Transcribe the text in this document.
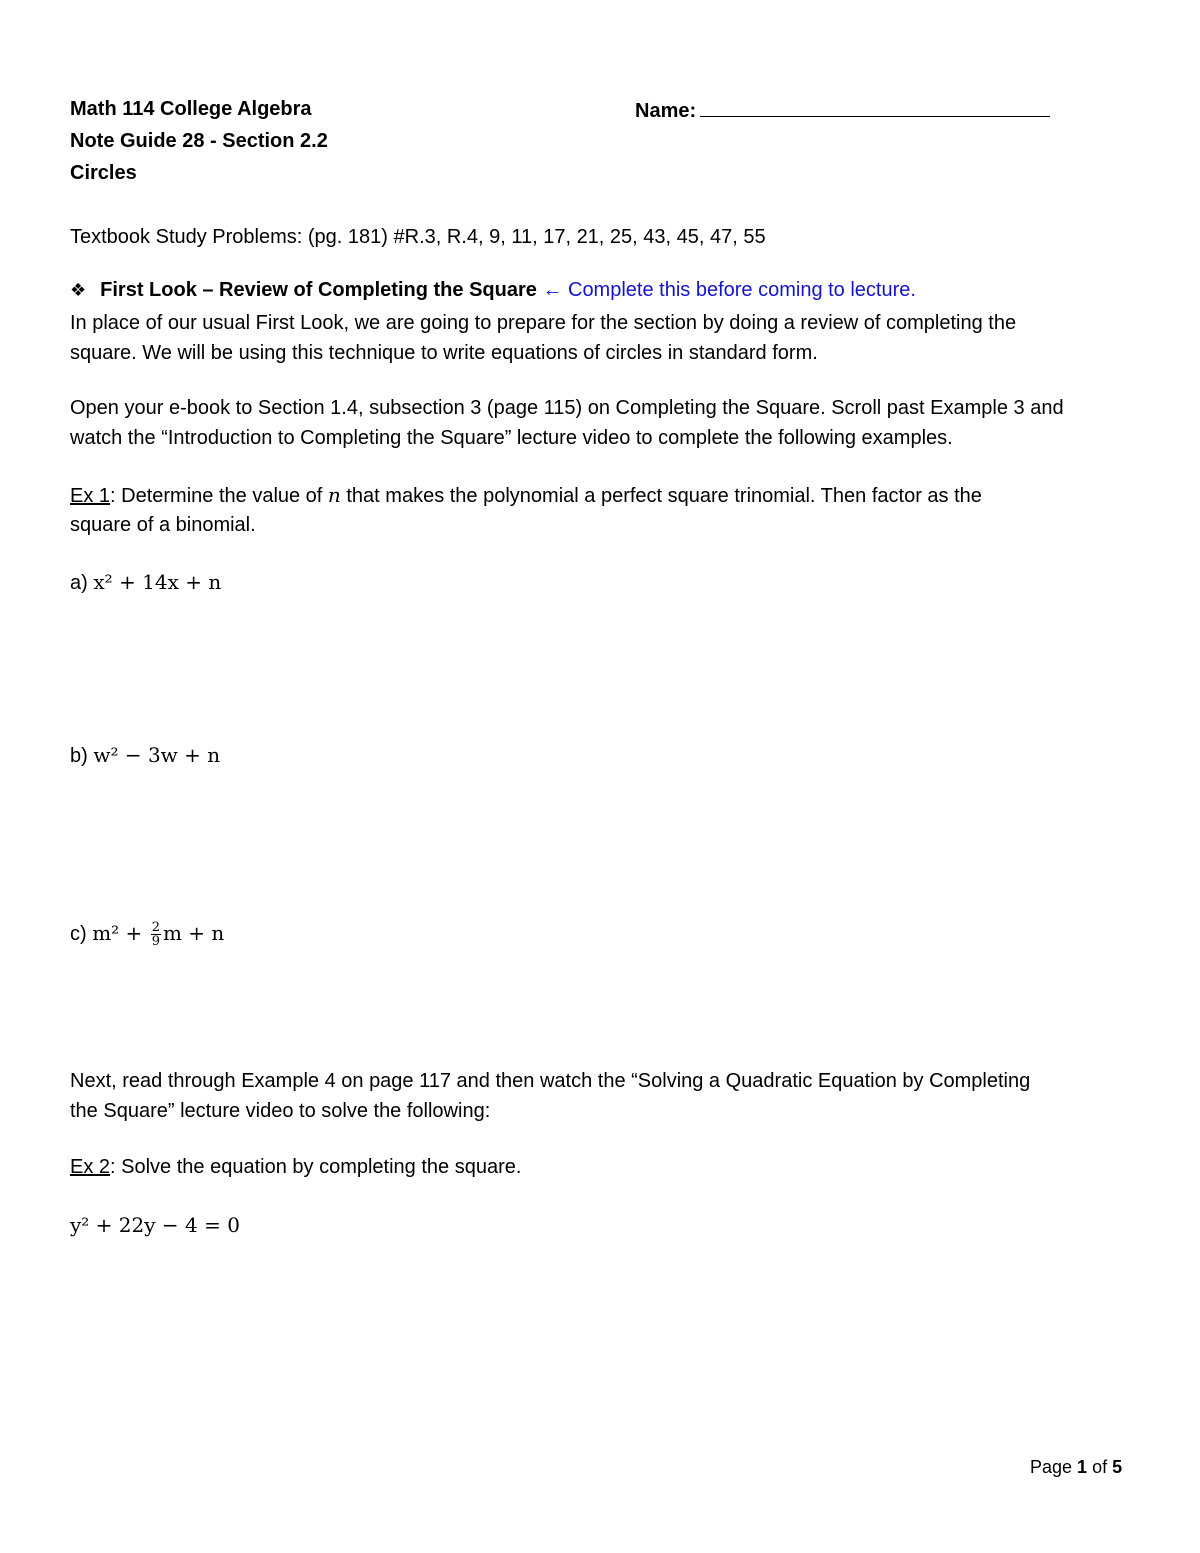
Math 114 College Algebra
Note Guide 28 - Section 2.2
Circles
Name:
Textbook Study Problems: (pg. 181) #R.3, R.4, 9, 11, 17, 21, 25, 43, 45, 47, 55
❖ First Look – Review of Completing the Square ← Complete this before coming to lecture.
In place of our usual First Look, we are going to prepare for the section by doing a review of completing the
square. We will be using this technique to write equations of circles in standard form.
Open your e-book to Section 1.4, subsection 3 (page 115) on Completing the Square. Scroll past Example 3 and
watch the “Introduction to Completing the Square” lecture video to complete the following examples.
Ex 1: Determine the value of n that makes the polynomial a perfect square trinomial. Then factor as the
square of a binomial.
a) x² + 14x + n
b) w² − 3w + n
c) $m^2 + \frac{2}{9}$ m + n
Next, read through Example 4 on page 117 and then watch the “Solving a Quadratic Equation by Completing
the Square” lecture video to solve the following:
Ex 2: Solve the equation by completing the square.
y² + 22y − 4 = 0
Page 1 of 5
